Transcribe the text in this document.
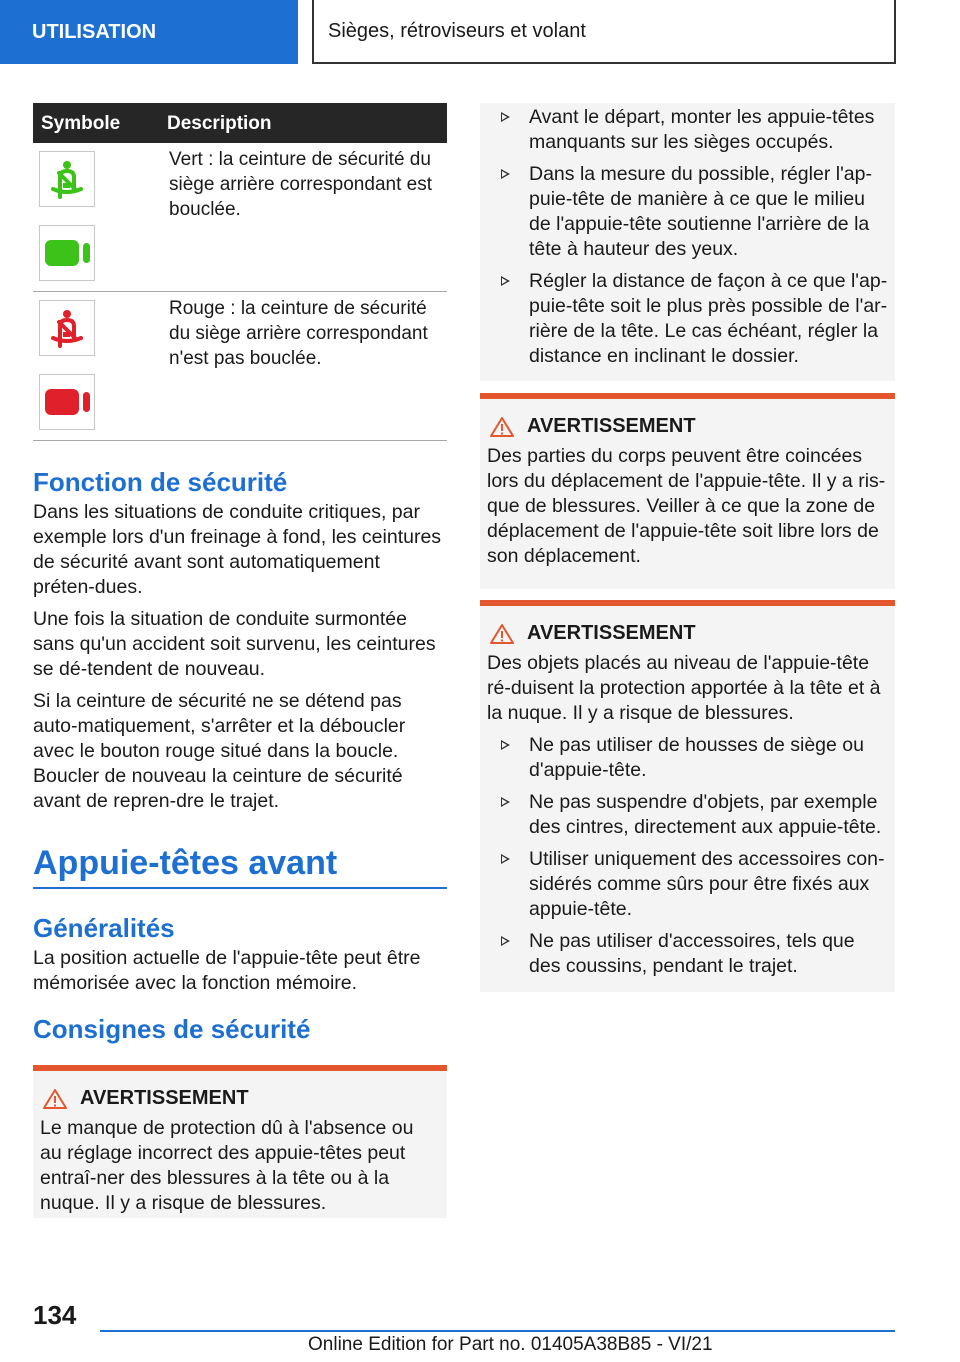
UTILISATION	Sièges, rétroviseurs et volant
Symbole	Description

	Vert : la ceinture de sécurité du siège arrière correspondant est bouclée.

	Rouge : la ceinture de sécurité du siège arrière correspondant n'est pas bouclée.
Fonction de sécurité

Dans les situations de conduite critiques, par exemple lors d'un freinage à fond, les ceintures de sécurité avant sont automatiquement préten-dues.

Une fois la situation de conduite surmontée sans qu'un accident soit survenu, les ceintures se dé-tendent de nouveau.

Si la ceinture de sécurité ne se détend pas auto-matiquement, s'arrêter et la déboucler avec le bouton rouge situé dans la boucle. Boucler de nouveau la ceinture de sécurité avant de repren-dre le trajet.

Appuie-têtes avant
Généralités

La position actuelle de l'appuie-tête peut être mémorisée avec la fonction mémoire.

Consignes de sécurité
AVERTISSEMENT

Le manque de protection dû à l'absence ou au réglage incorrect des appuie-têtes peut entraî-ner des blessures à la tête ou à la nuque. Il y a risque de blessures.

Avant le départ, monter les appuie-têtes manquants sur les sièges occupés.
Dans la mesure du possible, régler l'ap-puie-tête de manière à ce que le milieu de l'appuie-tête soutienne l'arrière de la tête à hauteur des yeux.
Régler la distance de façon à ce que l'ap-puie-tête soit le plus près possible de l'ar-rière de la tête. Le cas échéant, régler la distance en inclinant le dossier.
AVERTISSEMENT

Des parties du corps peuvent être coincées lors du déplacement de l'appuie-tête. Il y a ris-que de blessures. Veiller à ce que la zone de déplacement de l'appuie-tête soit libre lors de son déplacement.

AVERTISSEMENT

Des objets placés au niveau de l'appuie-tête ré-duisent la protection apportée à la tête et à la nuque. Il y a risque de blessures.

Ne pas utiliser de housses de siège ou d'appuie-tête.
Ne pas suspendre d'objets, par exemple des cintres, directement aux appuie-tête.
Utiliser uniquement des accessoires con-sidérés comme sûrs pour être fixés aux appuie-tête.
Ne pas utiliser d'accessoires, tels que des coussins, pendant le trajet.
134
Online Edition for Part no. 01405A38B85 - VI/21
